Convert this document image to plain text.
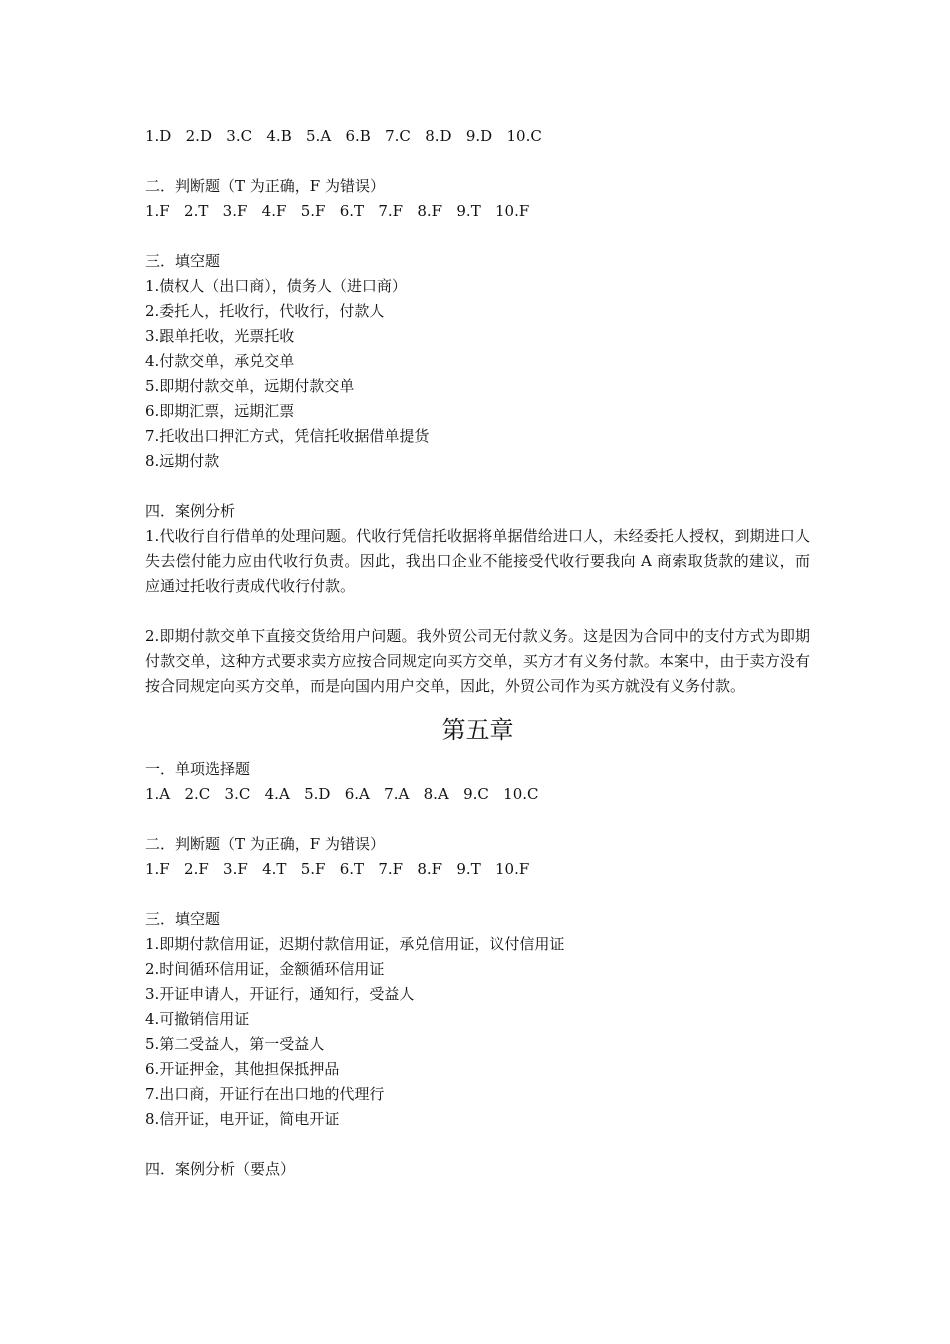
1.D   2.D   3.C   4.B   5.A   6.B   7.C   8.D   9.D   10.C
二．判断题（T 为正确，F 为错误）
1.F   2.T   3.F   4.F   5.F   6.T   7.F   8.F   9.T   10.F
三．填空题
1.债权人（出口商），债务人（进口商）
2.委托人，托收行，代收行，付款人
3.跟单托收，光票托收
4.付款交单，承兑交单
5.即期付款交单，远期付款交单
6.即期汇票，远期汇票
7.托收出口押汇方式，凭信托收据借单提货
8.远期付款
四．案例分析
1.代收行自行借单的处理问题。代收行凭信托收据将单据借给进口人，未经委托人授权，到期进口人失去偿付能力应由代收行负责。因此，我出口企业不能接受代收行要我向 A 商索取货款的建议，而应通过托收行责成代收行付款。
2.即期付款交单下直接交货给用户问题。我外贸公司无付款义务。这是因为合同中的支付方式为即期付款交单，这种方式要求卖方应按合同规定向买方交单，买方才有义务付款。本案中，由于卖方没有按合同规定向买方交单，而是向国内用户交单，因此，外贸公司作为买方就没有义务付款。
第五章
一．单项选择题
1.A   2.C   3.C   4.A   5.D   6.A   7.A   8.A   9.C   10.C
二．判断题（T 为正确，F 为错误）
1.F   2.F   3.F   4.T   5.F   6.T   7.F   8.F   9.T   10.F
三．填空题
1.即期付款信用证，迟期付款信用证，承兑信用证，议付信用证
2.时间循环信用证，金额循环信用证
3.开证申请人，开证行，通知行，受益人
4.可撤销信用证
5.第二受益人，第一受益人
6.开证押金，其他担保抵押品
7.出口商，开证行在出口地的代理行
8.信开证，电开证，简电开证
四．案例分析（要点）
